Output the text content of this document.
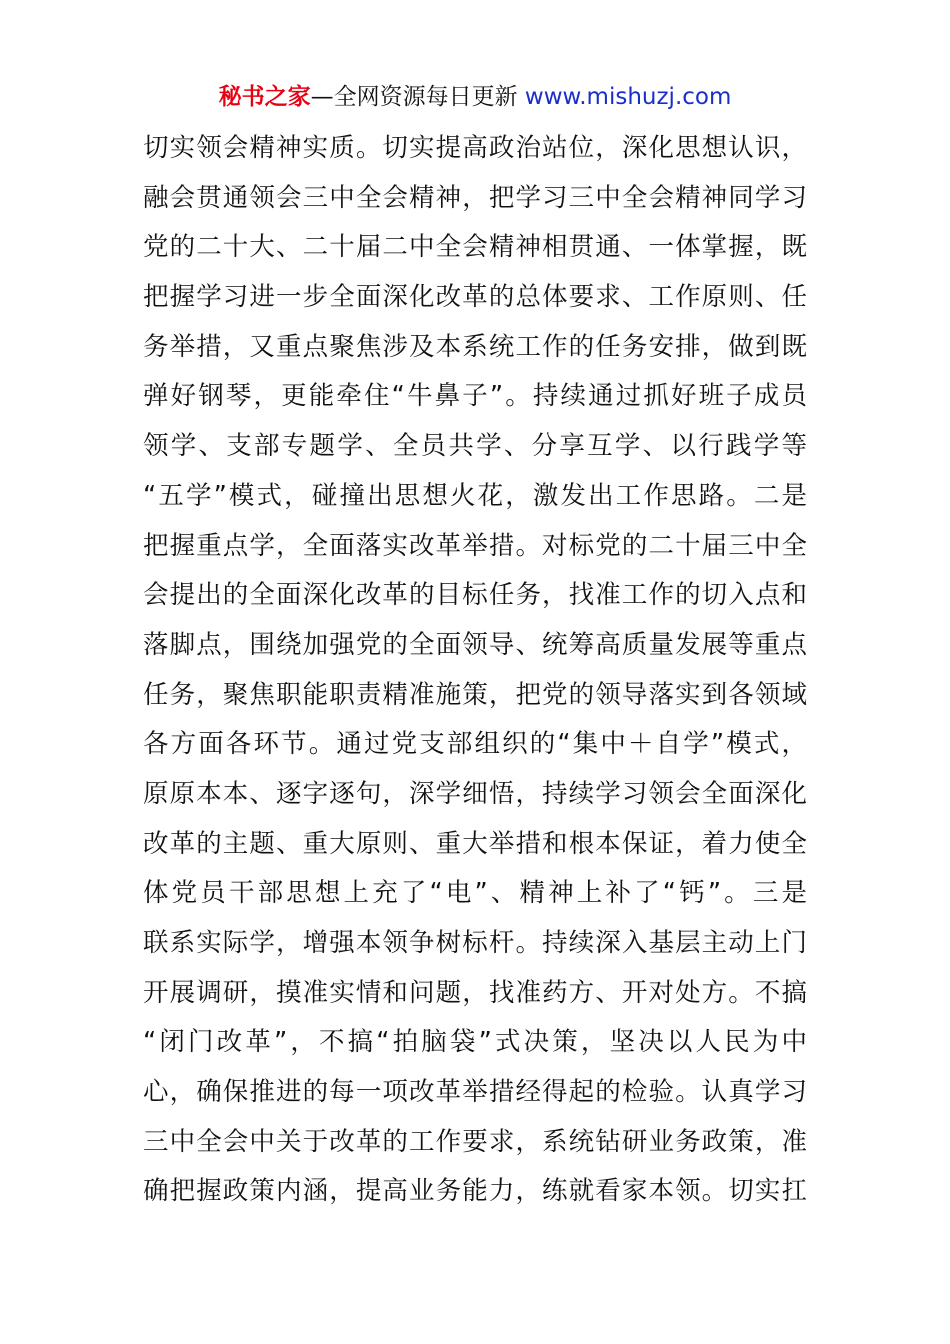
秘书之家—全网资源每日更新 www.mishuzj.com
切实领会精神实质。切实提高政治站位，深化思想认识，
融会贯通领会三中全会精神，把学习三中全会精神同学习
党的二十大、二十届二中全会精神相贯通、一体掌握，既
把握学习进一步全面深化改革的总体要求、工作原则、任
务举措，又重点聚焦涉及本系统工作的任务安排，做到既
弹好钢琴，更能牵住“牛鼻子”。持续通过抓好班子成员
领学、支部专题学、全员共学、分享互学、以行践学等
“五学”模式，碰撞出思想火花，激发出工作思路。二是
把握重点学，全面落实改革举措。对标党的二十届三中全
会提出的全面深化改革的目标任务，找准工作的切入点和
落脚点，围绕加强党的全面领导、统筹高质量发展等重点
任务，聚焦职能职责精准施策，把党的领导落实到各领域
各方面各环节。通过党支部组织的“集中＋自学”模式，
原原本本、逐字逐句，深学细悟，持续学习领会全面深化
改革的主题、重大原则、重大举措和根本保证，着力使全
体党员干部思想上充了“电”、精神上补了“钙”。三是
联系实际学，增强本领争树标杆。持续深入基层主动上门
开展调研，摸准实情和问题，找准药方、开对处方。不搞
“闭门改革”，不搞“拍脑袋”式决策，坚决以人民为中
心，确保推进的每一项改革举措经得起的检验。认真学习
三中全会中关于改革的工作要求，系统钻研业务政策，准
确把握政策内涵，提高业务能力，练就看家本领。切实扛
